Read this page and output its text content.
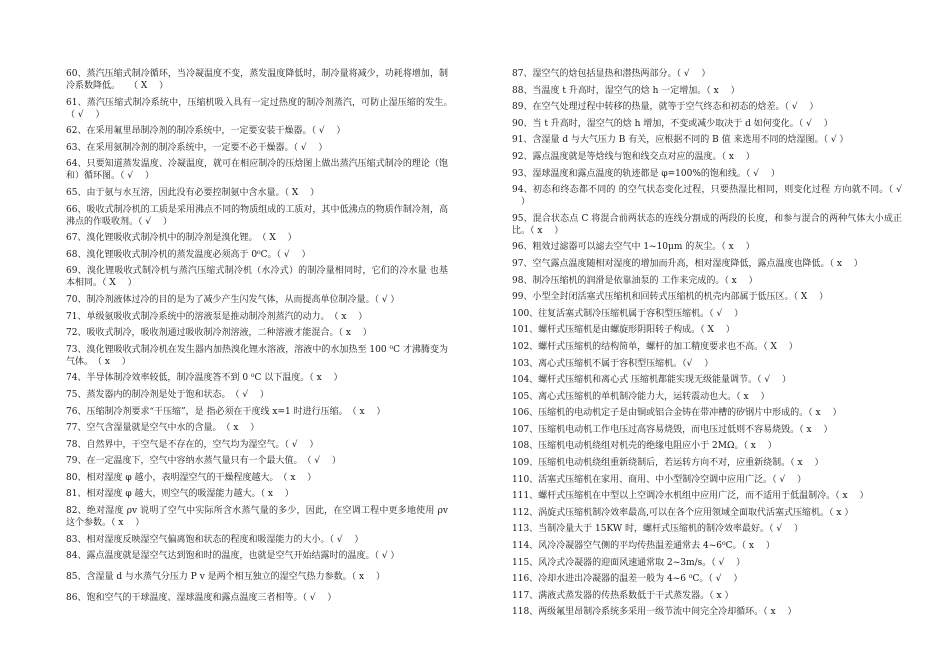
60、蒸汽压缩式制冷循环，当冷凝温度不变，蒸发温度降低时，制冷量将减少，功耗将增加，制冷系数降低。　　（ X 　）

61、蒸汽压缩式制冷系统中，压缩机吸入具有一定过热度的制冷剂蒸汽，可防止湿压缩的发生。　（ √ 　）

62、在采用氟里昂制冷剂的制冷系统中，一定要安装干燥器。（ √ 　）

63、在采用氨制冷剂的制冷系统中，一定要不必干燥器。（ √ 　）

64、只要知道蒸发温度、冷凝温度，就可在相应制冷的压焓图上做出蒸汽压缩式制冷的理论（饱和）循环图。（ √ 　）

65、由于氨与水互溶，因此没有必要控制氨中含水量。（ X 　）

66、吸收式制冷机的工质是采用沸点不同的物质组成的工质对，其中低沸点的物质作制冷剂，高沸点的作吸收剂。（ √ 　）

67、溴化锂吸收式制冷机中的制冷剂是溴化锂。　（ X 　）

68、溴化锂吸收式制冷机的蒸发温度必须高于 0⁰C。（ √ 　）

69、溴化锂吸收式制冷机与蒸汽压缩式制冷机（水冷式）的制冷量相同时，它们的冷水量 也基本相同。（ X 　）

70、制冷剂液体过冷的目的是为了减少产生闪发气体，从而提高单位制冷量。（ √ ）

71、单级氨吸收式制冷系统中的溶液泵是推动制冷剂蒸汽的动力。　（ x 　）

72、吸收式制冷，吸收剂通过吸收制冷剂溶液，二种溶液才能混合。（ x 　）

73、溴化锂吸收式制冷机在发生器内加热溴化锂水溶液，溶液中的水加热至 100 ⁰C 才沸腾变为 气体。　（ x 　）

74、半导体制冷效率较低，制冷温度答不到 0 ⁰C 以下温度。（ x 　）

75、蒸发器内的制冷剂是处于饱和状态。　（ √ 　）

76、压缩制冷剂要求“干压缩”，是 指必须在干度线 x=1 时进行压缩。　（ x 　）

77、空气含湿量就是空气中水的含量。　（ x 　）

78、自然界中，干空气是不存在的，空气均为湿空气。（ √ 　）

79、在一定温度下，空气中容纳水蒸气量只有一个最大值。　（ √ 　）

80、相对湿度 φ 越小，表明湿空气的干燥程度越大。　（ x 　）

81、相对湿度 φ 越大，则空气的吸湿能力越大。（ x 　）

82、绝对湿度 ρv 说明了空气中实际所含水蒸气量的多少，因此，在空调工程中更多地使用 ρv 这个参数。（ x 　）

83、相对湿度反映湿空气偏离饱和状态的程度和吸湿能力的大小。（ √ 　）

84、露点温度就是湿空气达到饱和时的温度，也就是空气开始结露时的温度。（ √ ）

85、含湿量 d 与水蒸气分压力 P v 是两个相互独立的湿空气热力参数。（ x 　）

86、饱和空气的干球温度、湿球温度和露点温度三者相等。（ √ 　）

87、湿空气的焓包括显热和潜热两部分。（ √ 　）

88、当温度 t 升高时，湿空气的焓 h 一定增加。（ x 　）

89、在空气处理过程中转移的热量，就等于空气终态和初态的焓差。（ √ 　）

90、当 t 升高时，湿空气的焓 h 增加，不变或减少取决于 d 如何变化。（ √ 　）

91、含湿量 d 与大气压力 B 有关，应根据不同的 B 值 来选用不同的焓湿图。（ √ ）

92、露点温度就是等焓线与饱和线交点对应的温度。（ x 　）

93、湿球温度和露点温度的轨迹都是 φ=100%的饱和线。（ √ 　）

94、初态和终态都不同的 的空气状态变化过程，只要热湿比相同，则变化过程 方向就不同。（ √ 　）

95、混合状态点 C 将混合前两状态的连线分割成的两段的长度，和参与混合的两种气体大小成正比。（ x 　）

96、粗效过滤器可以滤去空气中 1~10μm 的灰尘。（ x 　）

97、空气露点温度随相对湿度的增加而升高，相对湿度降低，露点温度也降低。（ x 　）

98、制冷压缩机的润滑是依靠油泵的 工作来完成的。（ x 　）

99、小型全封闭活塞式压缩机和回转式压缩机的机壳内部属于低压区。（ X 　）

100、往复活塞式制冷压缩机属于容积型压缩机。（ √ 　）

101、螺杆式压缩机是由螺旋形阴阳转子构成。（ X 　）

102、螺杆式压缩机的结构简单，螺杆的加工精度要求也不高。（ X 　）

103、离心式压缩机不属于容积型压缩机。（√ 　）

104、螺杆式压缩机和离心式 压缩机都能实现无级能量调节。（ √ 　）

105、离心式压缩机的单机制冷能力大，运转震动也大。（ x 　）

106、压缩机的电动机定子是由铜或铝合金铸在带冲槽的矽钢片中形成的。（ x 　）

107、压缩机电动机工作电压过高容易烧毁，而电压过低则不容易烧毁。（ x 　）

108、压缩机电动机绕组对机壳的绝缘电阻应小于 2MΩ。（ x 　）

109、压缩机电动机绕组重新绕制后，若运转方向不对，应重新绕制。（ x 　）

110、活塞式压缩机在家用、商用、中小型制冷空调中应用广泛。（ √ 　）

111、螺杆式压缩机在中型以上空调冷水机组中应用广泛，而不适用于低温制冷。（ x 　）

112、涡旋式压缩机制冷效率最高,可以在各个应用领域全面取代活塞式压缩机。（ x ）

113、当制冷量大于 15KW 时，螺杆式压缩机的制冷效率最好。（ √ 　）

114、风冷冷凝器空气侧的平均传热温差通常去 4~6⁰C。（ x 　）

115、风冷式冷凝器的迎面风速通常取 2~3m/s。（ √ 　）

116、冷却水进出冷凝器的温差一般为 4~6 ⁰C。（ √ 　）

117、满液式蒸发器的传热系数低于干式蒸发器。（ x ）

118、两级氟里昂制冷系统多采用一级节流中间完全冷却循环。（ x 　）
